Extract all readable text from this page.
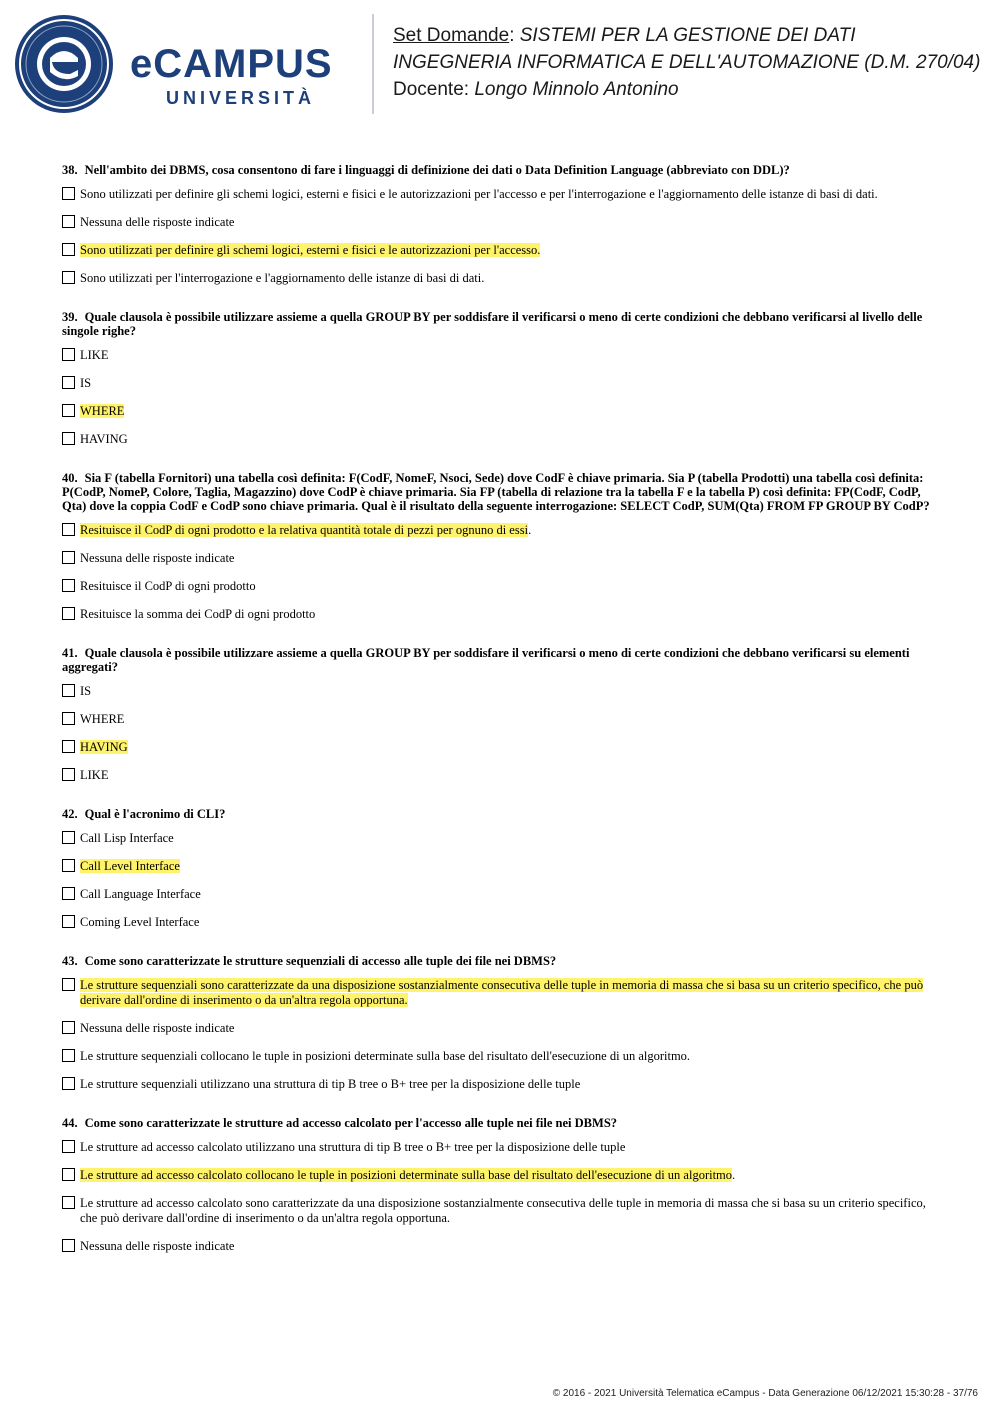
eCAMPUS
UNIVERSITÀ
Set Domande: SISTEMI PER LA GESTIONE DEI DATI
INGEGNERIA INFORMATICA E DELL'AUTOMAZIONE (D.M. 270/04)
Docente: Longo Minnolo Antonino
38. Nell'ambito dei DBMS, cosa consentono di fare i linguaggi di definizione dei dati o Data Definition Language (abbreviato con DDL)?
Sono utilizzati per definire gli schemi logici, esterni e fisici e le autorizzazioni per l'accesso e per l'interrogazione e l'aggiornamento delle istanze di basi di dati.
Nessuna delle risposte indicate
Sono utilizzati per definire gli schemi logici, esterni e fisici e le autorizzazioni per l'accesso.
Sono utilizzati per l'interrogazione e l'aggiornamento delle istanze di basi di dati.
39. Quale clausola è possibile utilizzare assieme a quella GROUP BY per soddisfare il verificarsi o meno di certe condizioni che debbano verificarsi al livello delle singole righe?
LIKE
IS
WHERE
HAVING
40. Sia F (tabella Fornitori) una tabella così definita: F(CodF, NomeF, Nsoci, Sede) dove CodF è chiave primaria. Sia P (tabella Prodotti) una tabella così definita: P(CodP, NomeP, Colore, Taglia, Magazzino) dove CodP è chiave primaria. Sia FP (tabella di relazione tra la tabella F e la tabella P) così definita: FP(CodF, CodP, Qta) dove la coppia CodF e CodP sono chiave primaria. Qual è il risultato della seguente interrogazione: SELECT CodP, SUM(Qta) FROM FP GROUP BY CodP?
Resituisce il CodP di ogni prodotto e la relativa quantità totale di pezzi per ognuno di essi.
Nessuna delle risposte indicate
Resituisce il CodP di ogni prodotto
Resituisce la somma dei CodP di ogni prodotto
41. Quale clausola è possibile utilizzare assieme a quella GROUP BY per soddisfare il verificarsi o meno di certe condizioni che debbano verificarsi su elementi aggregati?
IS
WHERE
HAVING
LIKE
42. Qual è l'acronimo di CLI?
Call Lisp Interface
Call Level Interface
Call Language Interface
Coming Level Interface
43. Come sono caratterizzate le strutture sequenziali di accesso alle tuple dei file nei DBMS?
Le strutture sequenziali sono caratterizzate da una disposizione sostanzialmente consecutiva delle tuple in memoria di massa che si basa su un criterio specifico, che può derivare dall'ordine di inserimento o da un'altra regola opportuna.
Nessuna delle risposte indicate
Le strutture sequenziali collocano le tuple in posizioni determinate sulla base del risultato dell'esecuzione di un algoritmo.
Le strutture sequenziali utilizzano una struttura di tip B tree o B+ tree per la disposizione delle tuple
44. Come sono caratterizzate le strutture ad accesso calcolato per l'accesso alle tuple nei file nei DBMS?
Le strutture ad accesso calcolato utilizzano una struttura di tip B tree o B+ tree per la disposizione delle tuple
Le strutture ad accesso calcolato collocano le tuple in posizioni determinate sulla base del risultato dell'esecuzione di un algoritmo.
Le strutture ad accesso calcolato sono caratterizzate da una disposizione sostanzialmente consecutiva delle tuple in memoria di massa che si basa su un criterio specifico, che può derivare dall'ordine di inserimento o da un'altra regola opportuna.
Nessuna delle risposte indicate
© 2016 - 2021 Università Telematica eCampus - Data Generazione 06/12/2021 15:30:28 - 37/76
